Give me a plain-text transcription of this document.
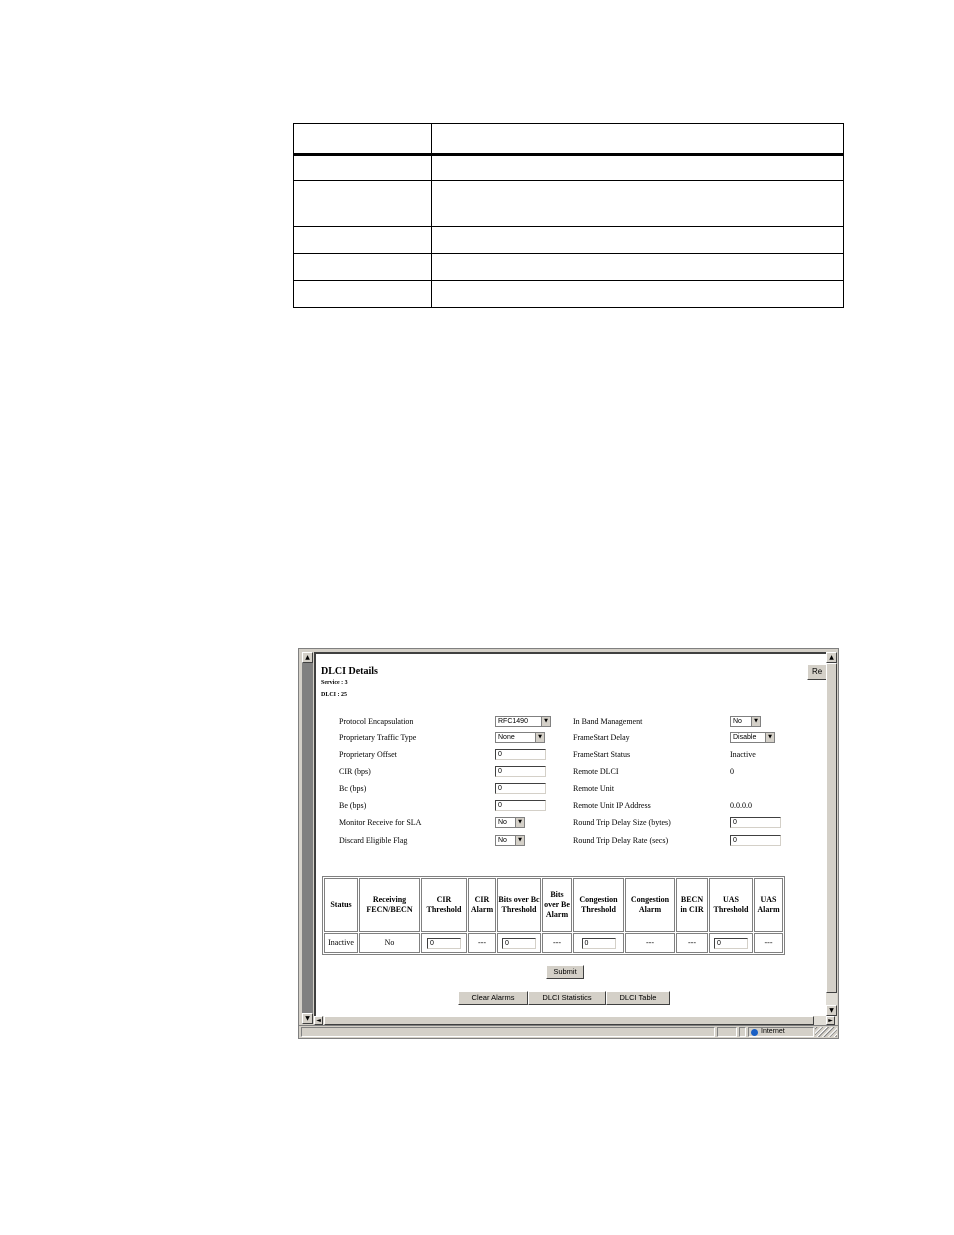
▲
▼
DLCI Details
Service : 3
DLCI : 25
Re
Protocol Encapsulation	RFC1490	▼
Proprietary Traffic Type	None	▼
Proprietary Offset	0
CIR (bps)	0
Bc (bps)	0
Be (bps)	0
Monitor Receive for SLA	No	▼
Discard Eligible Flag	No	▼
In Band Management	No	▼
FrameStart Delay	Disable	▼
FrameStart Status	Inactive
Remote DLCI	0
Remote Unit
Remote Unit IP Address	0.0.0.0
Round Trip Delay Size (bytes)	0
Round Trip Delay Rate (secs)	0
Status	Receiving FECN/BECN	CIR Threshold	CIR Alarm	Bits over Bc Threshold	Bits over Be Alarm	Congestion Threshold	Congestion Alarm	BECN in CIR	UAS Threshold	UAS Alarm
Inactive	No	0	---	0	---	0	---	---	0	---
Submit
Clear Alarms	DLCI Statistics	DLCI Table
▲
▼
◄	►
Internet
